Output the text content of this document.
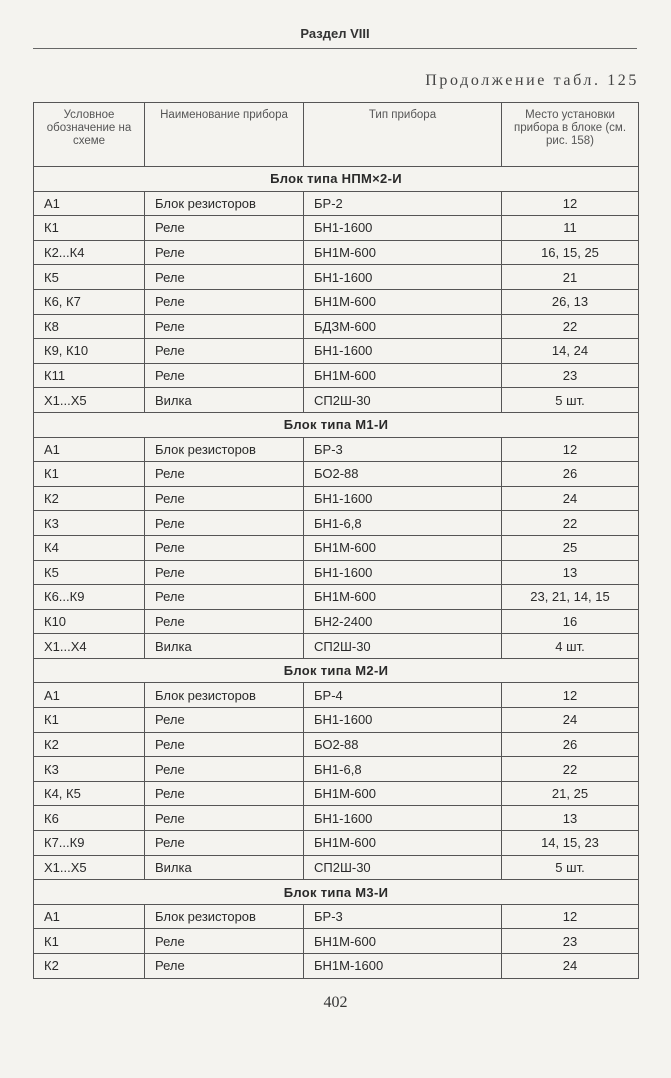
Раздел VIII
Продолжение табл. 125
Условное обозначение на схеме	Наименование прибора	Тип прибора	Место установки прибора в блоке (см. рис. 158)
Блок типа НПМ×2-И			
А1	Блок резисторов	БР-2	12
К1	Реле	БН1-1600	11
К2...К4	Реле	БН1М-600	16, 15, 25
К5	Реле	БН1-1600	21
К6, К7	Реле	БН1М-600	26, 13
К8	Реле	БДЗМ-600	22
К9, К10	Реле	БН1-1600	14, 24
К11	Реле	БН1М-600	23
Х1...Х5	Вилка	СП2Ш-30	5 шт.
Блок типа М1-И			
А1	Блок резисторов	БР-3	12
К1	Реле	БО2-88	26
К2	Реле	БН1-1600	24
К3	Реле	БН1-6,8	22
К4	Реле	БН1М-600	25
К5	Реле	БН1-1600	13
К6...К9	Реле	БН1М-600	23, 21, 14, 15
К10	Реле	БН2-2400	16
Х1...Х4	Вилка	СП2Ш-30	4 шт.
Блок типа М2-И			
А1	Блок резисторов	БР-4	12
К1	Реле	БН1-1600	24
К2	Реле	БО2-88	26
К3	Реле	БН1-6,8	22
К4, К5	Реле	БН1М-600	21, 25
К6	Реле	БН1-1600	13
К7...К9	Реле	БН1М-600	14, 15, 23
Х1...Х5	Вилка	СП2Ш-30	5 шт.
Блок типа М3-И			
А1	Блок резисторов	БР-3	12
К1	Реле	БН1М-600	23
К2	Реле	БН1М-1600	24
402
